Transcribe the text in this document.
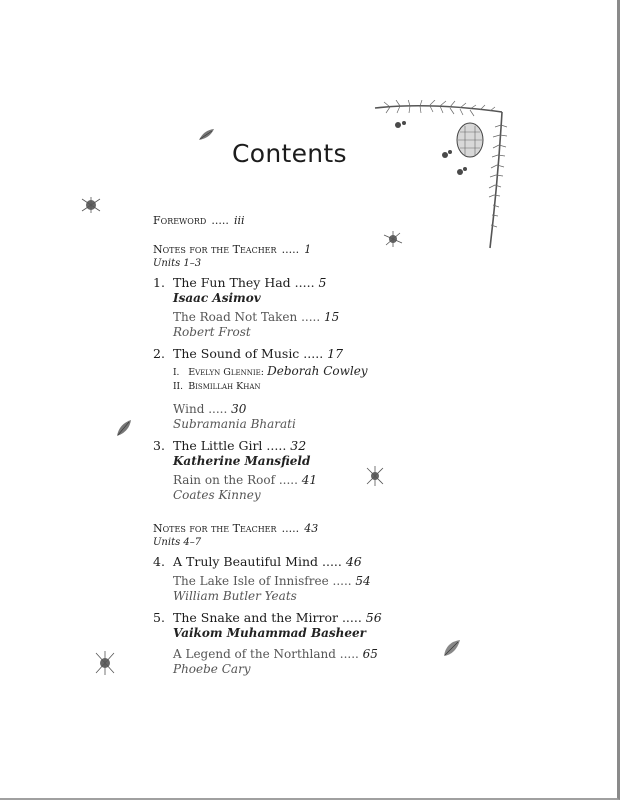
Contents
Foreword ..... iii
Notes for the Teacher ..... 1
Units 1–3
1. The Fun They Had ..... 5
Isaac Asimov
The Road Not Taken ..... 15
Robert Frost
2. The Sound of Music ..... 17
I. Evelyn Glennie: Deborah Cowley
II. Bismillah Khan
Wind ..... 30
Subramania Bharati
3. The Little Girl ..... 32
Katherine Mansfield
Rain on the Roof ..... 41
Coates Kinney
Notes for the Teacher ..... 43
Units 4–7
4. A Truly Beautiful Mind ..... 46
The Lake Isle of Innisfree ..... 54
William Butler Yeats
5. The Snake and the Mirror ..... 56
Vaikom Muhammad Basheer
A Legend of the Northland ..... 65
Phoebe Cary
